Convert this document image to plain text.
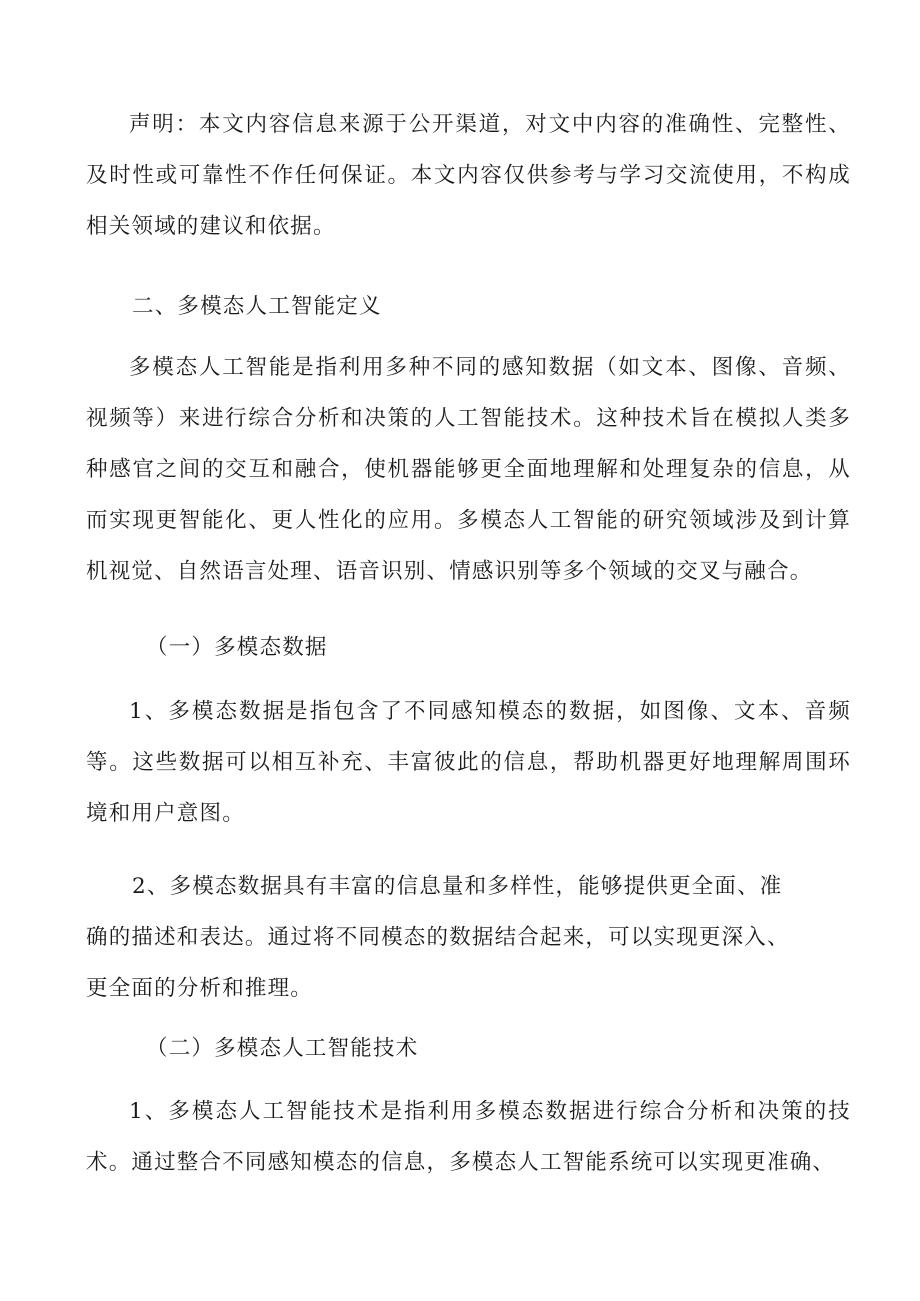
声明：本文内容信息来源于公开渠道，对文中内容的准确性、完整性、及时性或可靠性不作任何保证。本文内容仅供参考与学习交流使用，不构成相关领域的建议和依据。

二、多模态人工智能定义

多模态人工智能是指利用多种不同的感知数据（如文本、图像、音频、视频等）来进行综合分析和决策的人工智能技术。这种技术旨在模拟人类多种感官之间的交互和融合，使机器能够更全面地理解和处理复杂的信息，从而实现更智能化、更人性化的应用。多模态人工智能的研究领域涉及到计算机视觉、自然语言处理、语音识别、情感识别等多个领域的交叉与融合。

（一）多模态数据

1、多模态数据是指包含了不同感知模态的数据，如图像、文本、音频等。这些数据可以相互补充、丰富彼此的信息，帮助机器更好地理解周围环境和用户意图。

2、多模态数据具有丰富的信息量和多样性，能够提供更全面、准
确的描述和表达。通过将不同模态的数据结合起来，可以实现更深入、
更全面的分析和推理。
（二）多模态人工智能技术

1、多模态人工智能技术是指利用多模态数据进行综合分析和决策的技术。通过整合不同感知模态的信息，多模态人工智能系统可以实现更准确、
